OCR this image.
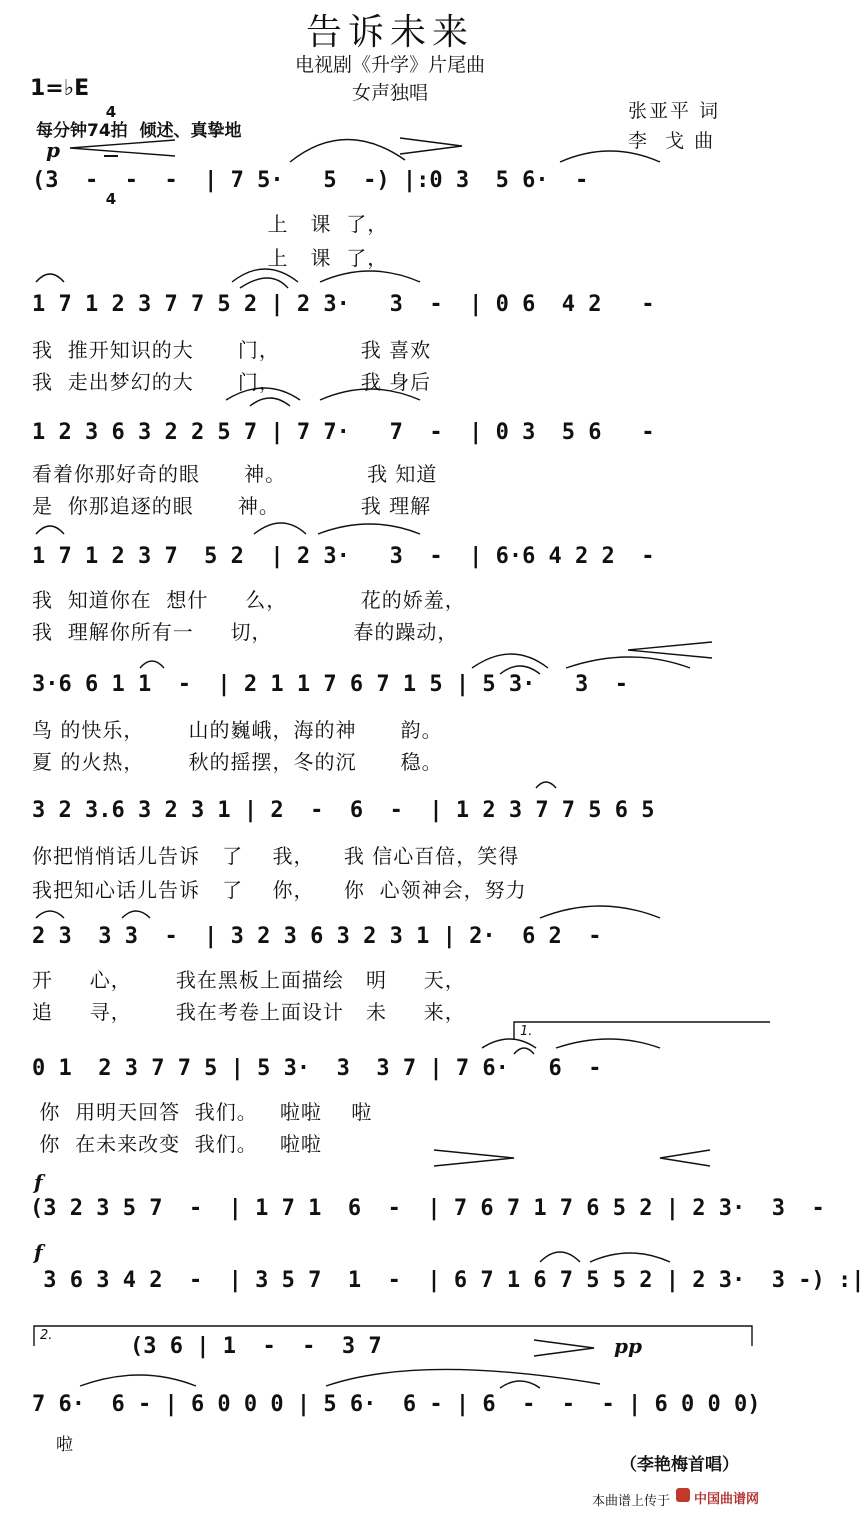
告诉未来
电视剧《升学》片尾曲
女声独唱
1=♭E

4

4

每分钟74拍  倾述、真挚地
张亚平 词
李  戈 曲
p
(3  -  -  -  | 7 5·   5  -) |:0 3  5 6·  -
上   课  了，
上   课  了，
1 7 1 2 3 7 7 5 2 | 2 3·   3  -  | 0 6  4 2   -
我  推开知识的大      门，           我 喜欢
我  走出梦幻的大      门，           我 身后
1 2 3 6 3 2 2 5 7 | 7 7·   7  -  | 0 3  5 6   -
看着你那好奇的眼      神。           我 知道
是  你那追逐的眼      神。           我 理解
1 7 1 2 3 7  5 2  | 2 3·   3  -  | 6·6 4 2 2  -
我  知道你在  想什     么，          花的娇羞，
我  理解你所有一     切，           春的躁动，
3·6 6 1 1  -  | 2 1 1 7 6 7 1 5 | 5 3·   3  -
鸟 的快乐，      山的巍峨，海的神      韵。
夏 的火热，      秋的摇摆，冬的沉      稳。
3 2 3.6 3 2 3 1 | 2  -  6  -  | 1 2 3 7 7 5 6 5
你把悄悄话儿告诉   了    我，    我 信心百倍，笑得
我把知心话儿告诉   了    你，    你  心领神会，努力
2 3  3 3  -  | 3 2 3 6 3 2 3 1 | 2·  6 2  -
开     心，      我在黑板上面描绘   明     天，
追     寻，      我在考卷上面设计   未     来，
1.
0 1  2 3 7 7 5 | 5 3·  3  3 7 | 7 6·   6  -
你  用明天回答  我们。   啦啦    啦
你  在未来改变  我们。   啦啦
f
(3 2 3 5 7  -  | 1 7 1  6  -  | 7 6 7 1 7 6 5 2 | 2 3·  3  -
f
3 6 3 4 2  -  | 3 5 7  1  -  | 6 7 1 6 7 5 5 2 | 2 3·  3 -) :|
2.	(3 6 | 1  -  -  3 7	pp
7 6·  6 - | 6 0 0 0 | 5 6·  6 - | 6  -  -  - | 6 0 0 0)
啦
（李艳梅首唱）
本曲谱上传于 中国曲谱网
